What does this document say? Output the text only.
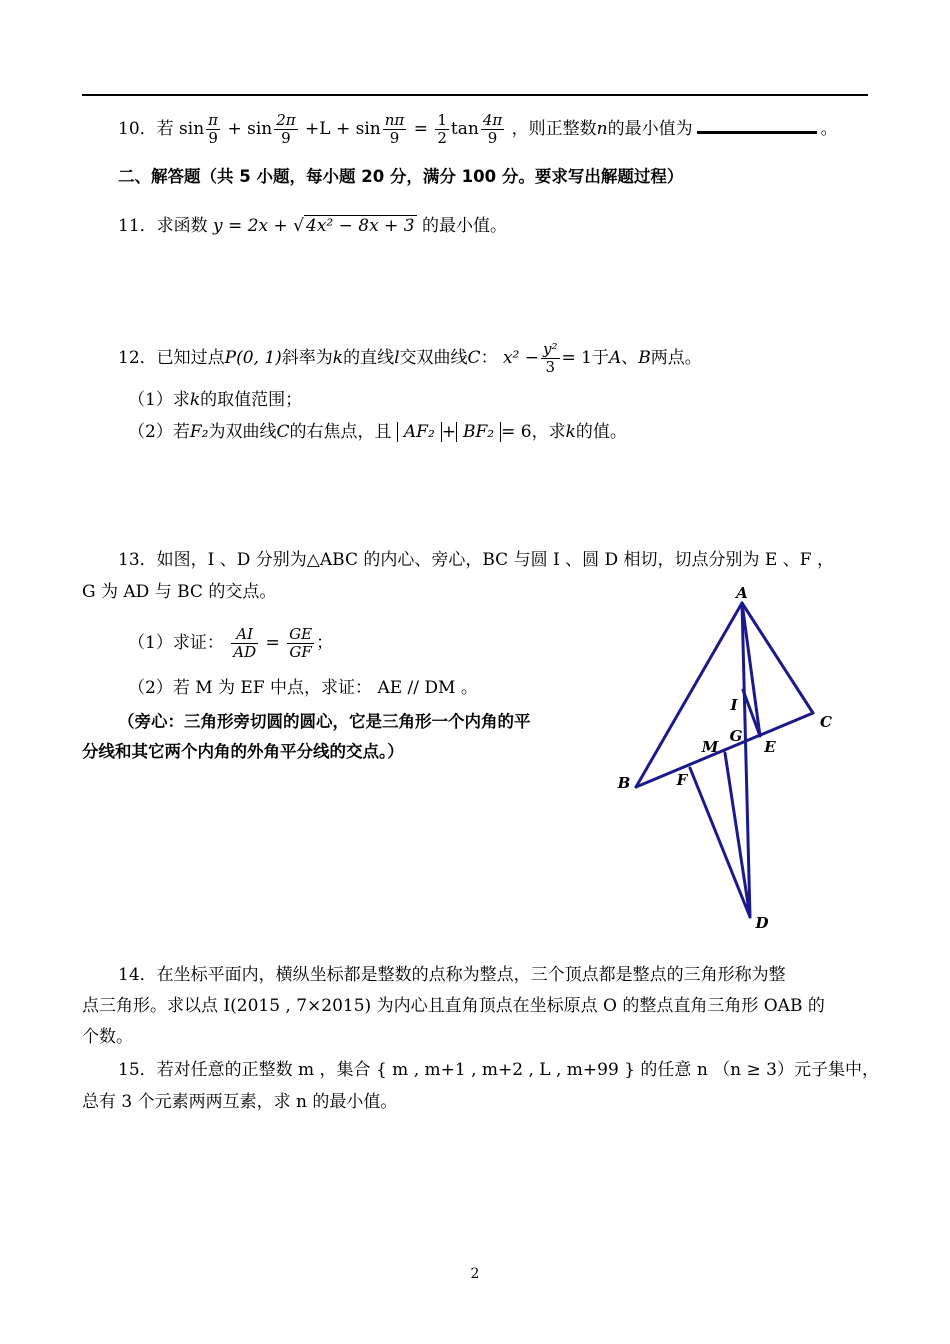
10．若 $\sin \frac{\pi}{9} + \sin \frac{2\pi}{9} +L + \sin \frac{n\pi}{9} = \frac{1}{2}$ $\tan \frac{4\pi}{9}$ ，则正整数n的最小值为	。
二、解答题（共 5 小题，每小题 20 分，满分 100 分。要求写出解题过程）
11．求函数 y = 2x + √ 4x² − 8x + 3 的最小值。
12．已知过点P(0, 1)斜率为k的直线l交双曲线C： $x^2 - \frac{\text{y²}}{3} = 1$于A、B两点。
（1）求k的取值范围；
（2）若F₂为双曲线C的右焦点，且 AF₂ + BF₂ = 6，求k的值。
13．如图，I 、D 分别为△ABC 的内心、旁心，BC 与圆 I 、圆 D 相切，切点分别为 E 、F ，
G 为 AD 与 BC 的交点。
（1）求证： $\frac{AI}{AD} = \frac{GE}{GF}$ ；
（2）若 M 为 EF 中点，求证： AE // DM 。
（旁心：三角形旁切圆的圆心，它是三角形一个内角的平
分线和其它两个内角的外角平分线的交点。）
A
B
C
D
E
F
G
I
M
14．在坐标平面内，横纵坐标都是整数的点称为整点，三个顶点都是整点的三角形称为整
点三角形。求以点 I(2015 , 7×2015) 为内心且直角顶点在坐标原点 O 的整点直角三角形 OAB 的
个数。
15．若对任意的正整数 m ，集合 { m , m+1 , m+2 , L , m+99 } 的任意 n （n ≥ 3）元子集中，
总有 3 个元素两两互素，求 n 的最小值。
2
